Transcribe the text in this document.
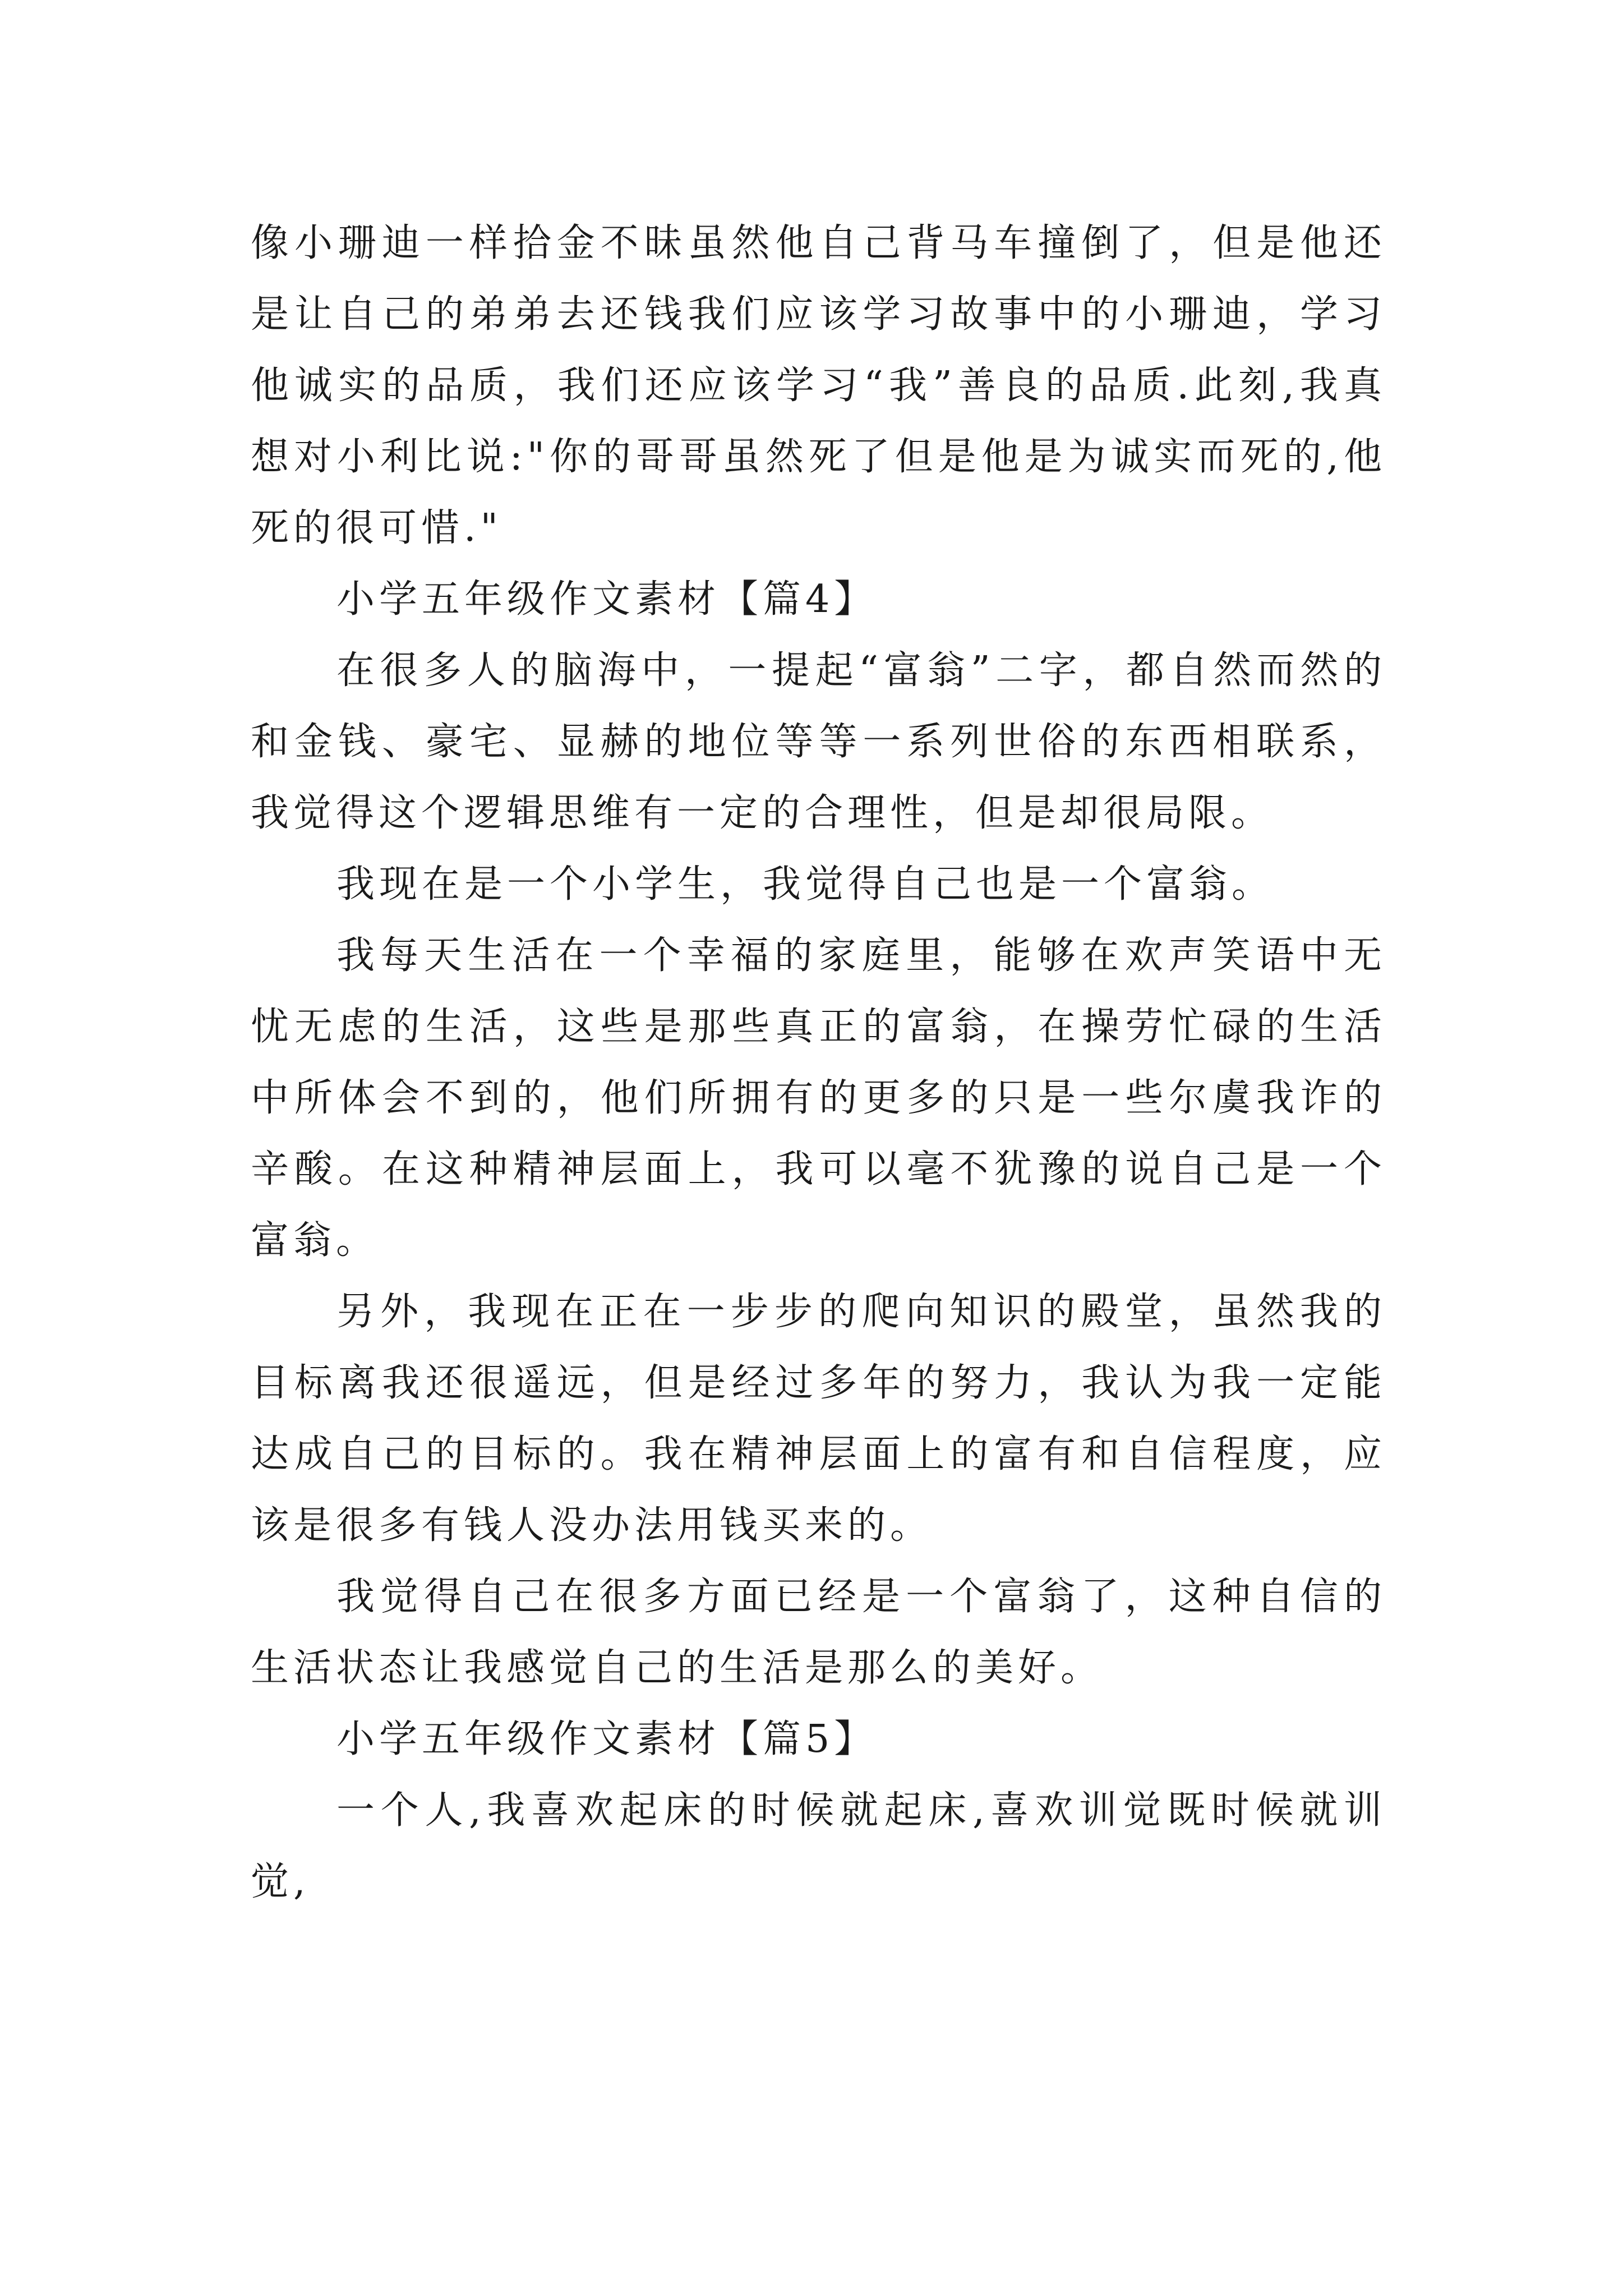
像小珊迪一样拾金不昧虽然他自己背马车撞倒了，但是他还是让自己的弟弟去还钱我们应该学习故事中的小珊迪，学习他诚实的品质，我们还应该学习“我”善良的品质.此刻,我真想对小利比说:"你的哥哥虽然死了但是他是为诚实而死的,他死的很可惜."

小学五年级作文素材【篇4】

在很多人的脑海中，一提起“富翁”二字，都自然而然的和金钱、豪宅、显赫的地位等等一系列世俗的东西相联系，我觉得这个逻辑思维有一定的合理性，但是却很局限。

我现在是一个小学生，我觉得自己也是一个富翁。

我每天生活在一个幸福的家庭里，能够在欢声笑语中无忧无虑的生活，这些是那些真正的富翁，在操劳忙碌的生活中所体会不到的，他们所拥有的更多的只是一些尔虞我诈的辛酸。在这种精神层面上，我可以毫不犹豫的说自己是一个富翁。

另外，我现在正在一步步的爬向知识的殿堂，虽然我的目标离我还很遥远，但是经过多年的努力，我认为我一定能达成自己的目标的。我在精神层面上的富有和自信程度，应该是很多有钱人没办法用钱买来的。

我觉得自己在很多方面已经是一个富翁了，这种自信的生活状态让我感觉自己的生活是那么的美好。

小学五年级作文素材【篇5】

一个人,我喜欢起床的时候就起床,喜欢训觉既时候就训觉,
